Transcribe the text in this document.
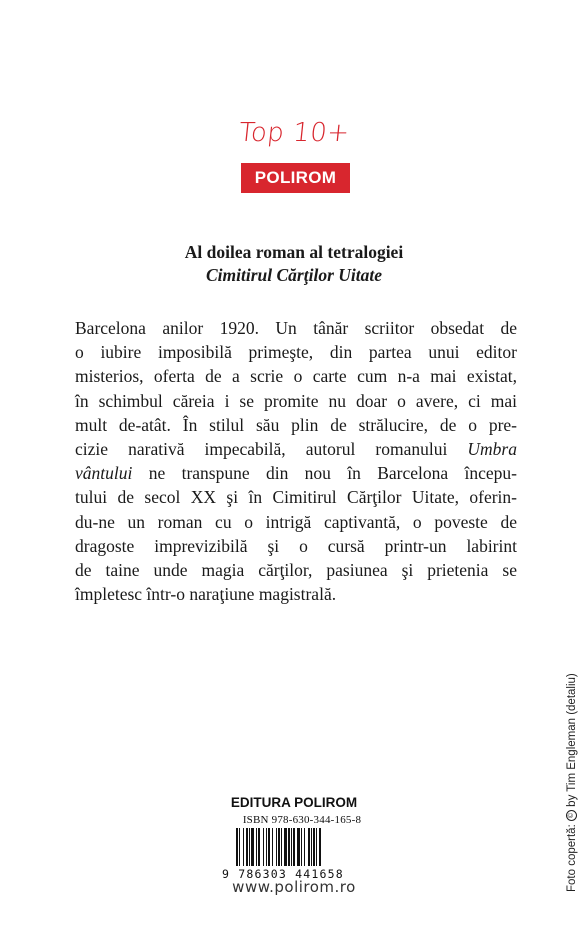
Top 10+
POLIROM
Al doilea roman al tetralogiei
Cimitirul Cărţilor Uitate
Barcelona anilor 1920. Un tânăr scriitor obsedat de
o iubire imposibilă primeşte, din partea unui editor
misterios, oferta de a scrie o carte cum n-a mai existat,
în schimbul căreia i se promite nu doar o avere, ci mai
mult de-atât. În stilul său plin de strălucire, de o pre-
cizie narativă impecabilă, autorul romanului Umbra
vântului ne transpune din nou în Barcelona începu-
tului de secol XX şi în Cimitirul Cărţilor Uitate, oferin-
du-ne un roman cu o intrigă captivantă, o poveste de
dragoste imprevizibilă şi o cursă printr-un labirint
de taine unde magia cărţilor, pasiunea şi prietenia se
împletesc într-o naraţiune magistrală.
EDITURA POLIROM
ISBN 978-630-344-165-8
9 786303 441658
www.polirom.ro	Foto copertă: © by Tim Engleman (detaliu)
